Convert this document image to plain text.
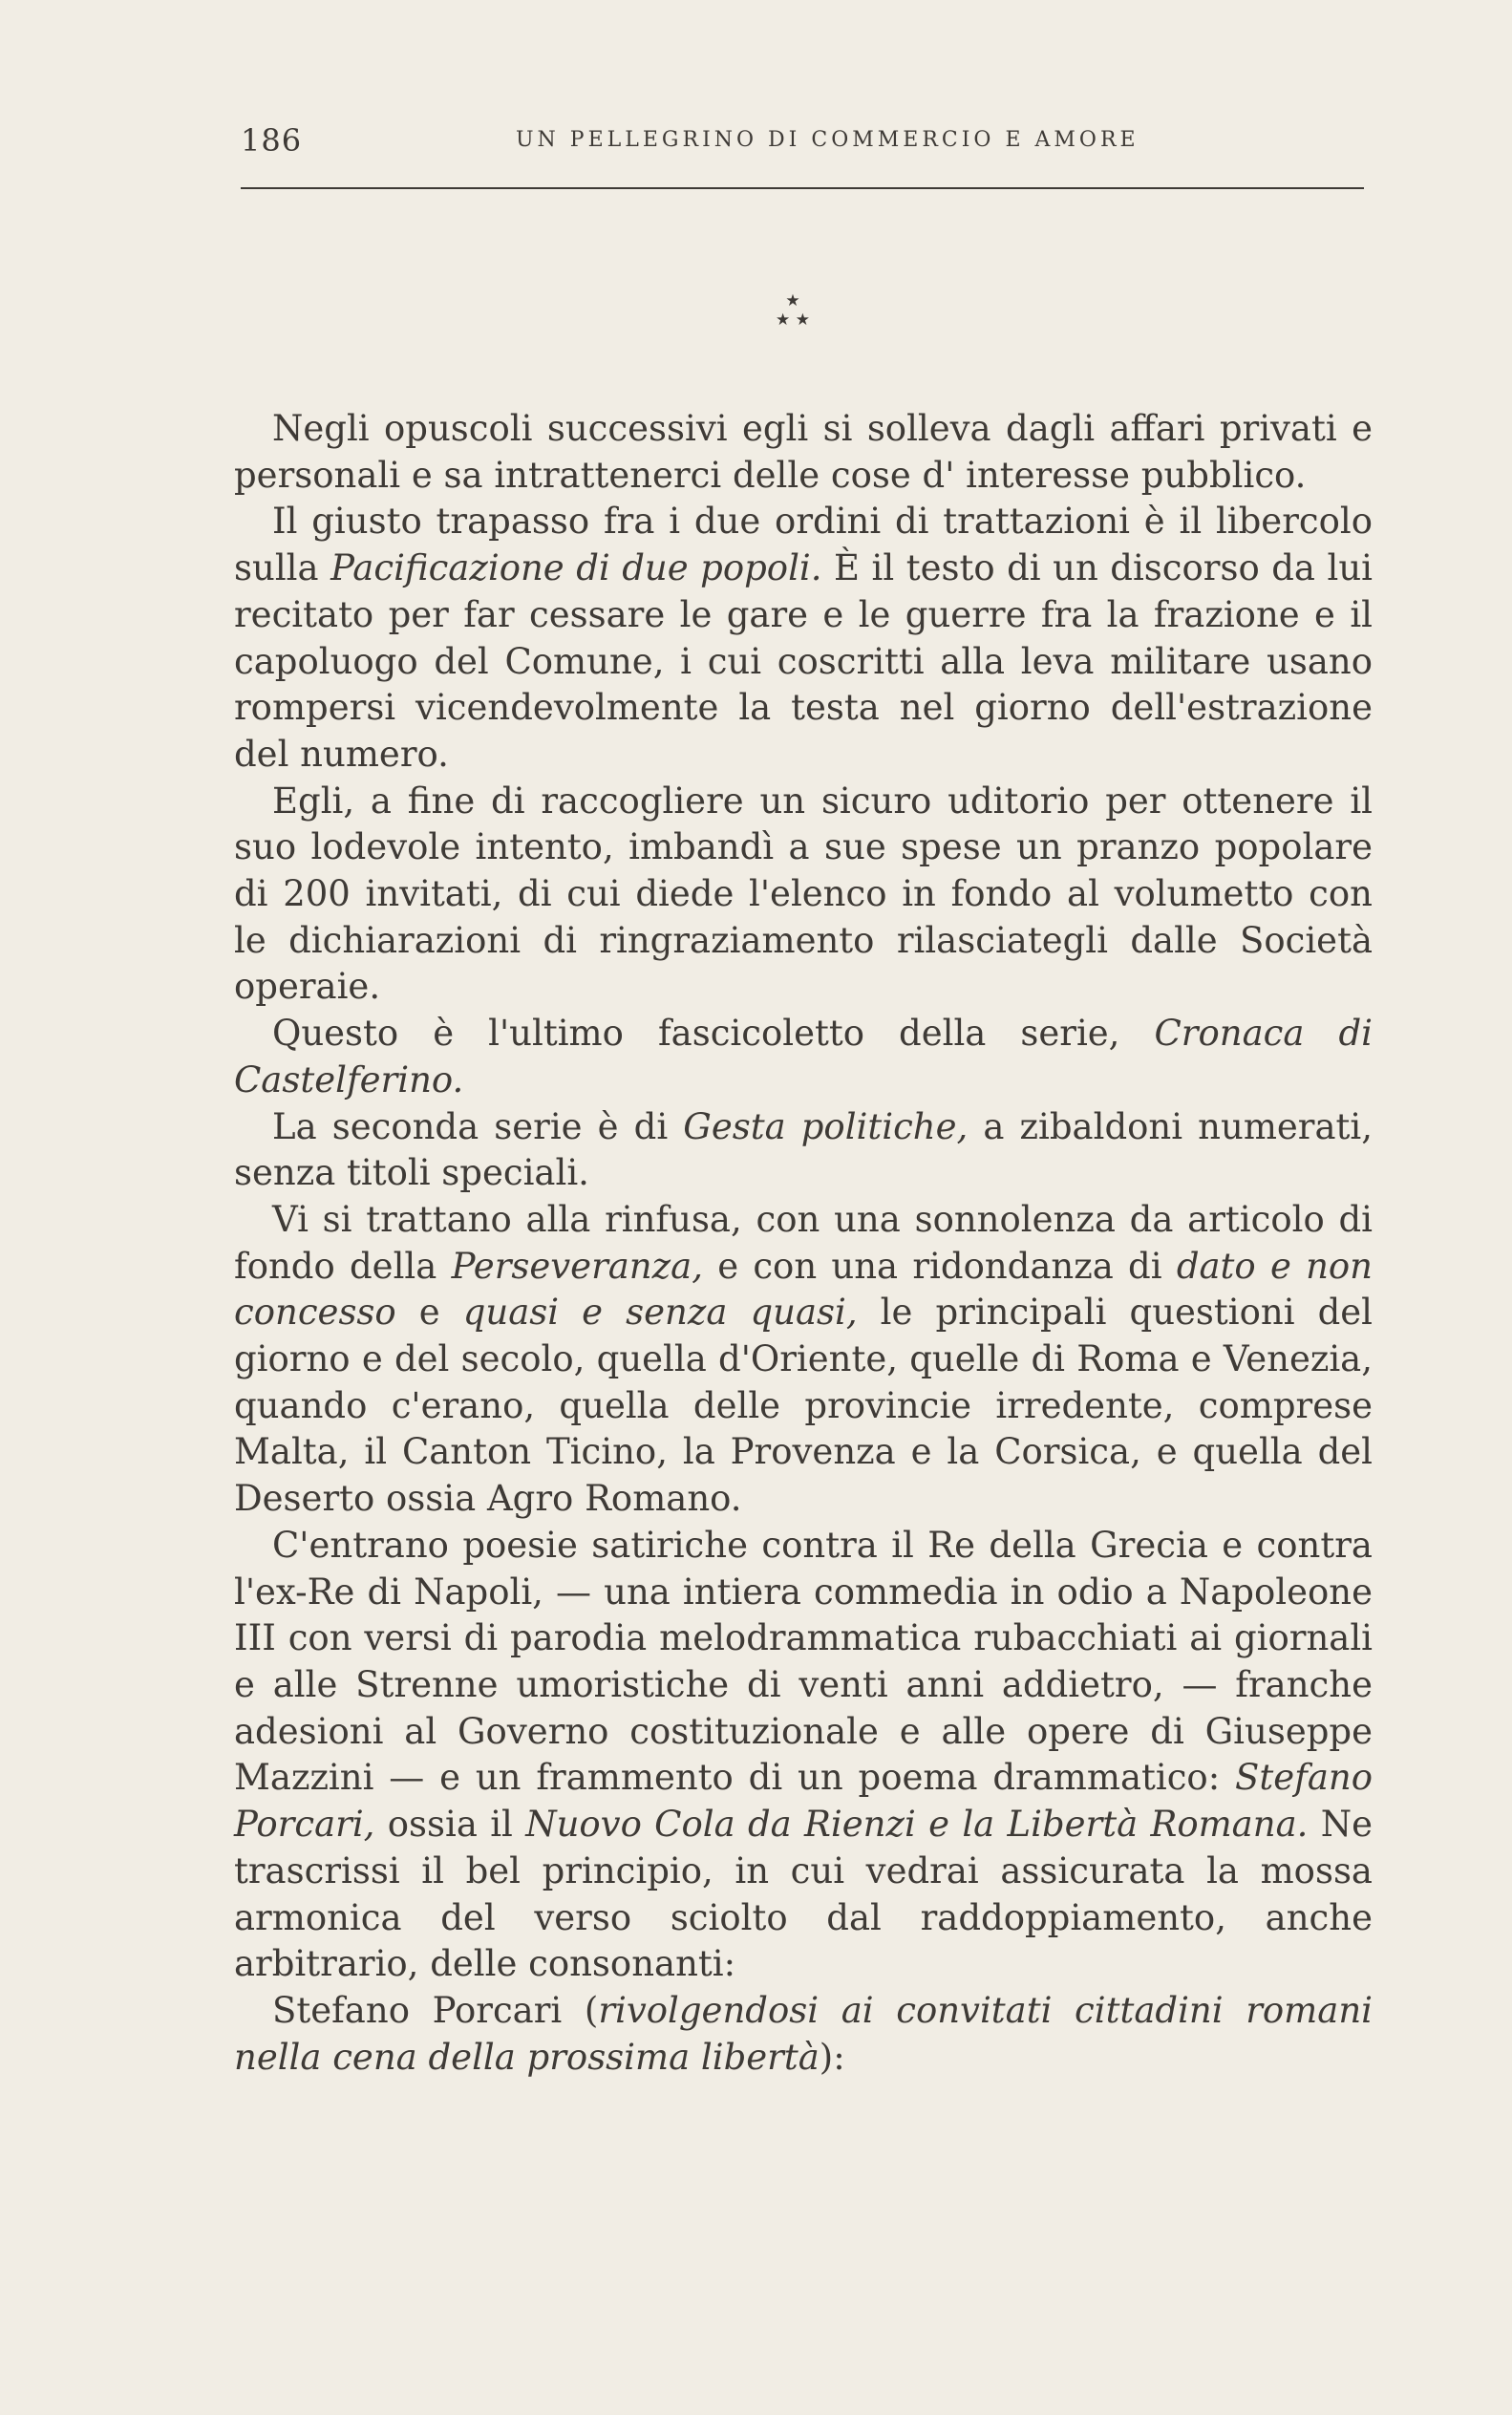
186	UN PELLEGRINO DI COMMERCIO E AMORE
★
★ ★

Negli opuscoli successivi egli si solleva dagli affari privati e personali e sa intrattenerci delle cose d' interesse pubblico.

Il giusto trapasso fra i due ordini di trattazioni è il libercolo sulla Pacificazione di due popoli. È il testo di un discorso da lui recitato per far cessare le gare e le guerre fra la frazione e il capoluogo del Comune, i cui coscritti alla leva militare usano rompersi vicendevolmente la testa nel giorno dell'estrazione del numero.

Egli, a fine di raccogliere un sicuro uditorio per ottenere il suo lodevole intento, imbandì a sue spese un pranzo popolare di 200 invitati, di cui diede l'elenco in fondo al volumetto con le dichiarazioni di ringraziamento rilasciategli dalle Società operaie.

Questo è l'ultimo fascicoletto della serie, Cronaca di Castelferino.

La seconda serie è di Gesta politiche, a zibaldoni numerati, senza titoli speciali.

Vi si trattano alla rinfusa, con una sonnolenza da articolo di fondo della Perseveranza, e con una ridondanza di dato e non concesso e quasi e senza quasi, le principali questioni del giorno e del secolo, quella d'Oriente, quelle di Roma e Venezia, quando c'erano, quella delle provincie irredente, comprese Malta, il Canton Ticino, la Provenza e la Corsica, e quella del Deserto ossia Agro Romano.

C'entrano poesie satiriche contra il Re della Grecia e contra l'ex-Re di Napoli, — una intiera commedia in odio a Napoleone III con versi di parodia melodrammatica rubacchiati ai giornali e alle Strenne umoristiche di venti anni addietro, — franche adesioni al Governo costituzionale e alle opere di Giuseppe Mazzini — e un frammento di un poema drammatico: Stefano Porcari, ossia il Nuovo Cola da Rienzi e la Libertà Romana. Ne trascrissi il bel principio, in cui vedrai assicurata la mossa armonica del verso sciolto dal raddoppiamento, anche arbitrario, delle consonanti:

Stefano Porcari (rivolgendosi ai convitati cittadini romani nella cena della prossima libertà):
